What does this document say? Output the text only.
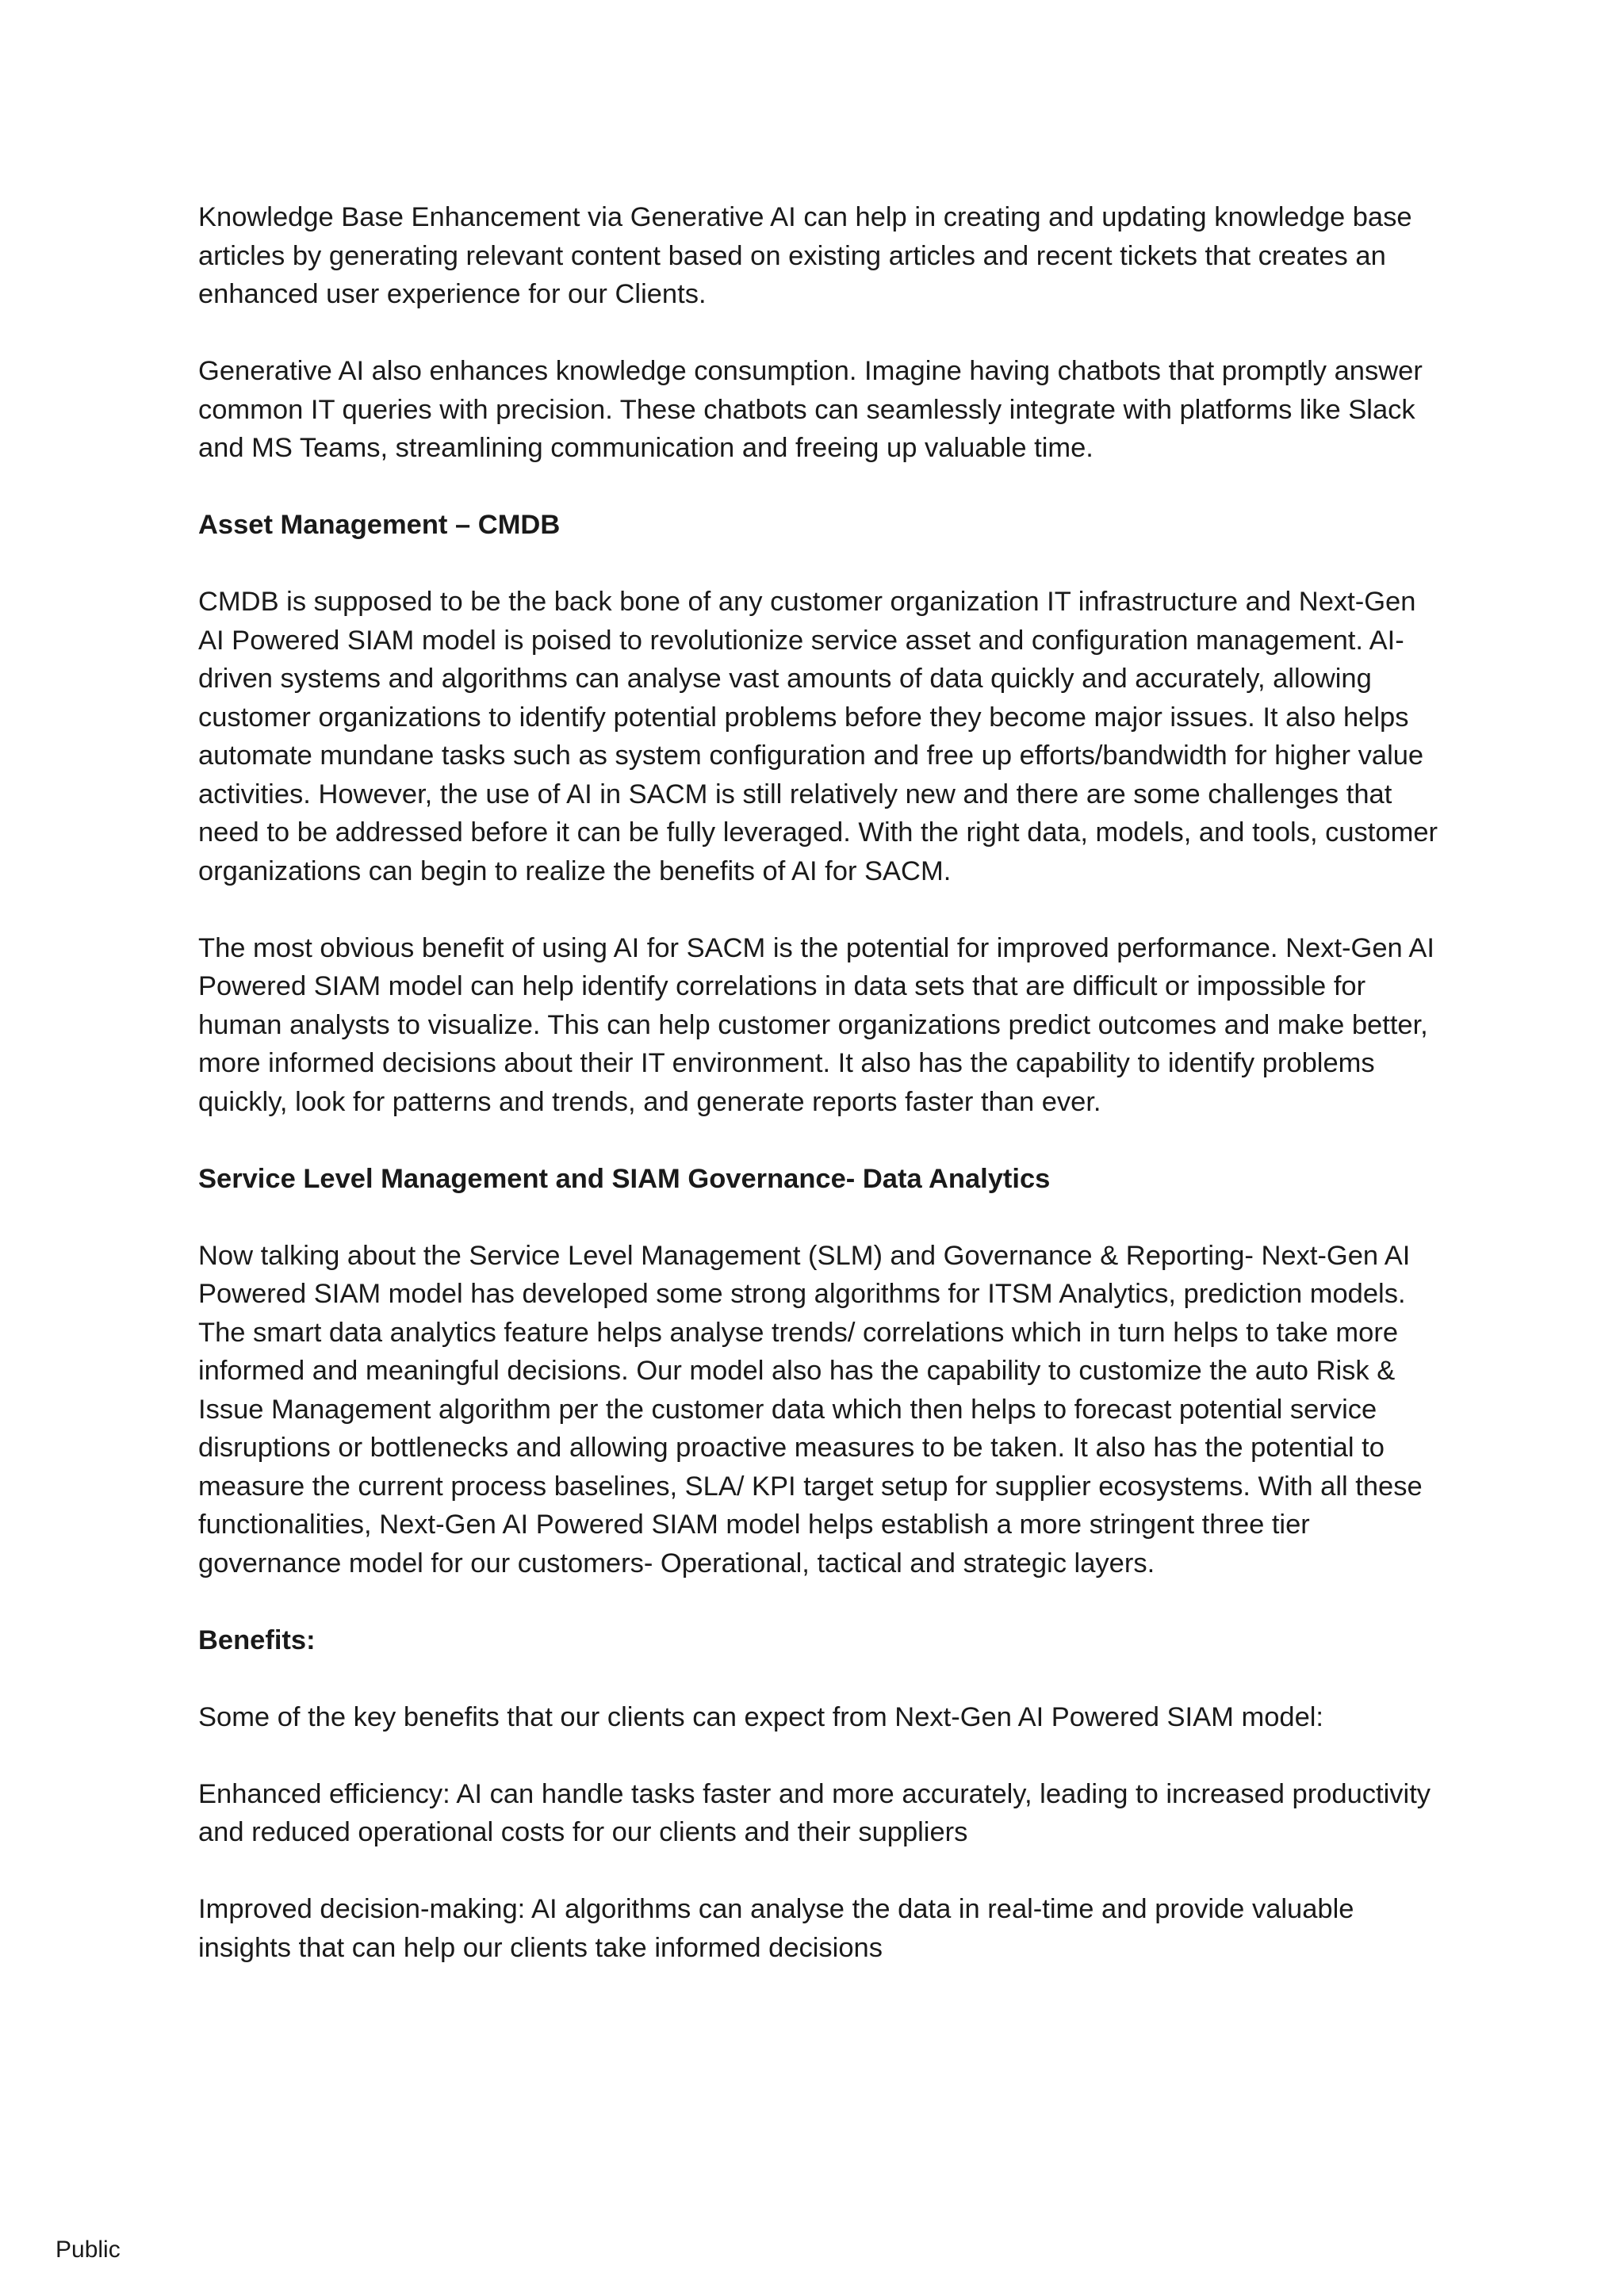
Knowledge Base Enhancement via Generative AI can help in creating and updating knowledge base articles by generating relevant content based on existing articles and recent tickets that creates an enhanced user experience for our Clients.

Generative AI also enhances knowledge consumption. Imagine having chatbots that promptly answer common IT queries with precision. These chatbots can seamlessly integrate with platforms like Slack and MS Teams, streamlining communication and freeing up valuable time.

Asset Management – CMDB

CMDB is supposed to be the back bone of any customer organization IT infrastructure and Next-Gen AI Powered SIAM model is poised to revolutionize service asset and configuration management. AI-driven systems and algorithms can analyse vast amounts of data quickly and accurately, allowing customer organizations to identify potential problems before they become major issues. It also helps automate mundane tasks such as system configuration and free up efforts/bandwidth for higher value activities. However, the use of AI in SACM is still relatively new and there are some challenges that need to be addressed before it can be fully leveraged. With the right data, models, and tools, customer organizations can begin to realize the benefits of AI for SACM.

The most obvious benefit of using AI for SACM is the potential for improved performance. Next-Gen AI Powered SIAM model can help identify correlations in data sets that are difficult or impossible for human analysts to visualize. This can help customer organizations predict outcomes and make better, more informed decisions about their IT environment. It also has the capability to identify problems quickly, look for patterns and trends, and generate reports faster than ever.

Service Level Management and SIAM Governance- Data Analytics

Now talking about the Service Level Management (SLM) and Governance & Reporting- Next-Gen AI Powered SIAM model has developed some strong algorithms for ITSM Analytics, prediction models. The smart data analytics feature helps analyse trends/ correlations which in turn helps to take more informed and meaningful decisions. Our model also has the capability to customize the auto Risk & Issue Management algorithm per the customer data which then helps to forecast potential service disruptions or bottlenecks and allowing proactive measures to be taken. It also has the potential to measure the current process baselines, SLA/ KPI target setup for supplier ecosystems. With all these functionalities, Next-Gen AI Powered SIAM model helps establish a more stringent three tier governance model for our customers- Operational, tactical and strategic layers.

Benefits:

Some of the key benefits that our clients can expect from Next-Gen AI Powered SIAM model:

Enhanced efficiency: AI can handle tasks faster and more accurately, leading to increased productivity and reduced operational costs for our clients and their suppliers

Improved decision-making: AI algorithms can analyse the data in real-time and provide valuable insights that can help our clients take informed decisions

Public
